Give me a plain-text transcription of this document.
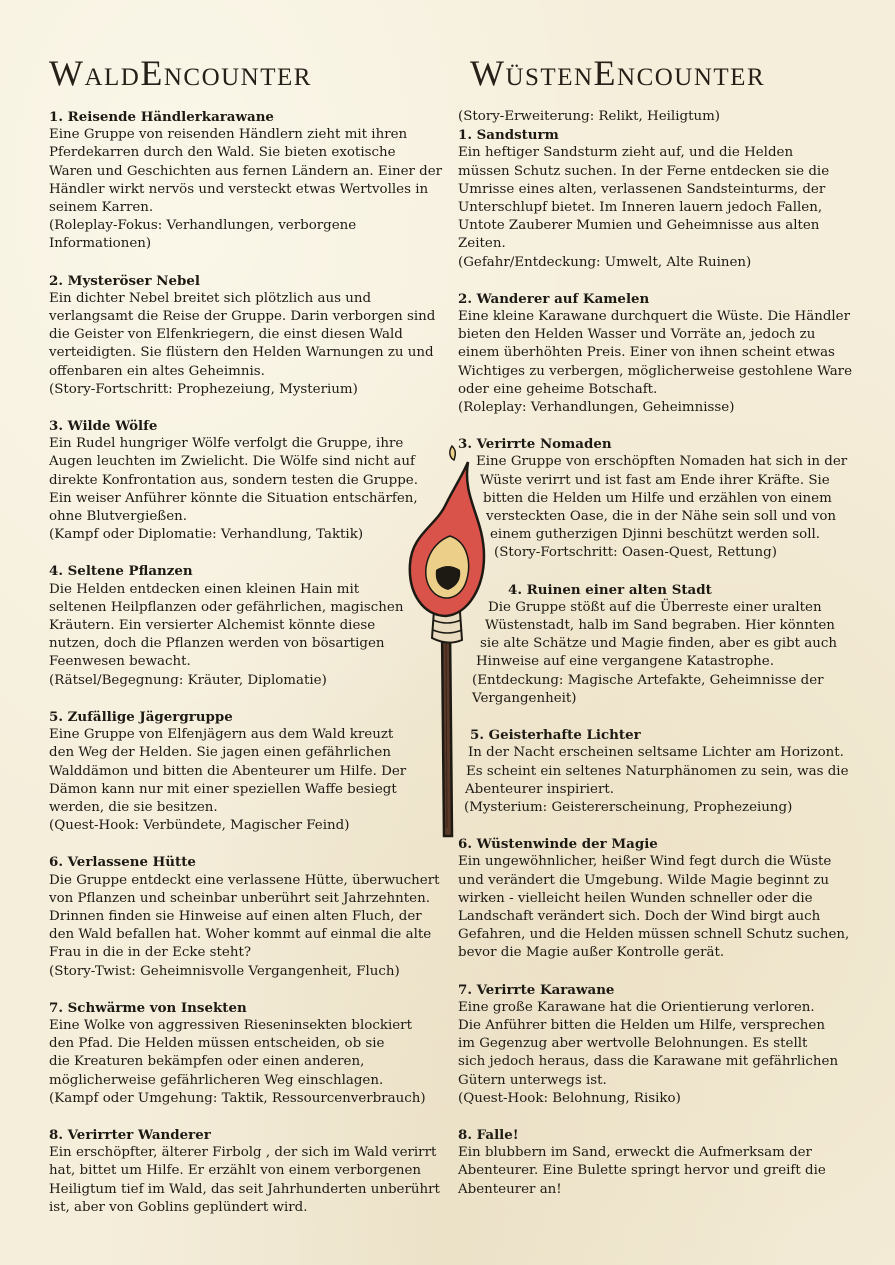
WaldEncounter	WüstenEncounter
1. Reisende Händlerkarawane
Eine Gruppe von reisenden Händlern zieht mit ihren
Pferdekarren durch den Wald. Sie bieten exotische
Waren und Geschichten aus fernen Ländern an. Einer der
Händler wirkt nervös und versteckt etwas Wertvolles in
seinem Karren.
(Roleplay-Fokus: Verhandlungen, verborgene
Informationen)
2. Mysteröser Nebel
Ein dichter Nebel breitet sich plötzlich aus und
verlangsamt die Reise der Gruppe. Darin verborgen sind
die Geister von Elfenkriegern, die einst diesen Wald
verteidigten. Sie flüstern den Helden Warnungen zu und
offenbaren ein altes Geheimnis.
(Story-Fortschritt: Prophezeiung, Mysterium)
3. Wilde Wölfe
Ein Rudel hungriger Wölfe verfolgt die Gruppe, ihre
Augen leuchten im Zwielicht. Die Wölfe sind nicht auf
direkte Konfrontation aus, sondern testen die Gruppe.
Ein weiser Anführer könnte die Situation entschärfen,
ohne Blutvergießen.
(Kampf oder Diplomatie: Verhandlung, Taktik)
4. Seltene Pflanzen
Die Helden entdecken einen kleinen Hain mit
seltenen Heilpflanzen oder gefährlichen, magischen
Kräutern. Ein versierter Alchemist könnte diese
nutzen, doch die Pflanzen werden von bösartigen
Feenwesen bewacht.
(Rätsel/Begegnung: Kräuter, Diplomatie)
5. Zufällige Jägergruppe
Eine Gruppe von Elfenjägern aus dem Wald kreuzt
den Weg der Helden. Sie jagen einen gefährlichen
Walddämon und bitten die Abenteurer um Hilfe. Der
Dämon kann nur mit einer speziellen Waffe besiegt
werden, die sie besitzen.
(Quest-Hook: Verbündete, Magischer Feind)
6. Verlassene Hütte
Die Gruppe entdeckt eine verlassene Hütte, überwuchert
von Pflanzen und scheinbar unberührt seit Jahrzehnten.
Drinnen finden sie Hinweise auf einen alten Fluch, der
den Wald befallen hat. Woher kommt auf einmal die alte
Frau in die in der Ecke steht?
(Story-Twist: Geheimnisvolle Vergangenheit, Fluch)
7. Schwärme von Insekten
Eine Wolke von aggressiven Rieseninsekten blockiert
den Pfad. Die Helden müssen entscheiden, ob sie
die Kreaturen bekämpfen oder einen anderen,
möglicherweise gefährlicheren Weg einschlagen.
(Kampf oder Umgehung: Taktik, Ressourcenverbrauch)
8. Verirrter Wanderer
Ein erschöpfter, älterer Firbolg , der sich im Wald verirrt
hat, bittet um Hilfe. Er erzählt von einem verborgenen
Heiligtum tief im Wald, das seit Jahrhunderten unberührt
ist, aber von Goblins geplündert wird.
(Story-Erweiterung: Relikt, Heiligtum)
1. Sandsturm
Ein heftiger Sandsturm zieht auf, und die Helden
müssen Schutz suchen. In der Ferne entdecken sie die
Umrisse eines alten, verlassenen Sandsteinturms, der
Unterschlupf bietet. Im Inneren lauern jedoch Fallen,
Untote Zauberer Mumien und Geheimnisse aus alten
Zeiten.
(Gefahr/Entdeckung: Umwelt, Alte Ruinen)
2. Wanderer auf Kamelen
Eine kleine Karawane durchquert die Wüste. Die Händler
bieten den Helden Wasser und Vorräte an, jedoch zu
einem überhöhten Preis. Einer von ihnen scheint etwas
Wichtiges zu verbergen, möglicherweise gestohlene Ware
oder eine geheime Botschaft.
(Roleplay: Verhandlungen, Geheimnisse)
3. Verirrte Nomaden
Eine Gruppe von erschöpften Nomaden hat sich in der
Wüste verirrt und ist fast am Ende ihrer Kräfte. Sie
bitten die Helden um Hilfe und erzählen von einem
versteckten Oase, die in der Nähe sein soll und von
einem gutherzigen Djinni beschützt werden soll.
(Story-Fortschritt: Oasen-Quest, Rettung)
4. Ruinen einer alten Stadt
Die Gruppe stößt auf die Überreste einer uralten
Wüstenstadt, halb im Sand begraben. Hier könnten
sie alte Schätze und Magie finden, aber es gibt auch
Hinweise auf eine vergangene Katastrophe.
(Entdeckung: Magische Artefakte, Geheimnisse der
Vergangenheit)
5. Geisterhafte Lichter
In der Nacht erscheinen seltsame Lichter am Horizont.
Es scheint ein seltenes Naturphänomen zu sein, was die
Abenteurer inspiriert.
(Mysterium: Geistererscheinung, Prophezeiung)
6. Wüstenwinde der Magie
Ein ungewöhnlicher, heißer Wind fegt durch die Wüste
und verändert die Umgebung. Wilde Magie beginnt zu
wirken - vielleicht heilen Wunden schneller oder die
Landschaft verändert sich. Doch der Wind birgt auch
Gefahren, und die Helden müssen schnell Schutz suchen,
bevor die Magie außer Kontrolle gerät.
7. Verirrte Karawane
Eine große Karawane hat die Orientierung verloren.
Die Anführer bitten die Helden um Hilfe, versprechen
im Gegenzug aber wertvolle Belohnungen. Es stellt
sich jedoch heraus, dass die Karawane mit gefährlichen
Gütern unterwegs ist.
(Quest-Hook: Belohnung, Risiko)
8. Falle!
Ein blubbern im Sand, erweckt die Aufmerksam der
Abenteurer. Eine Bulette springt hervor und greift die
Abenteurer an!
